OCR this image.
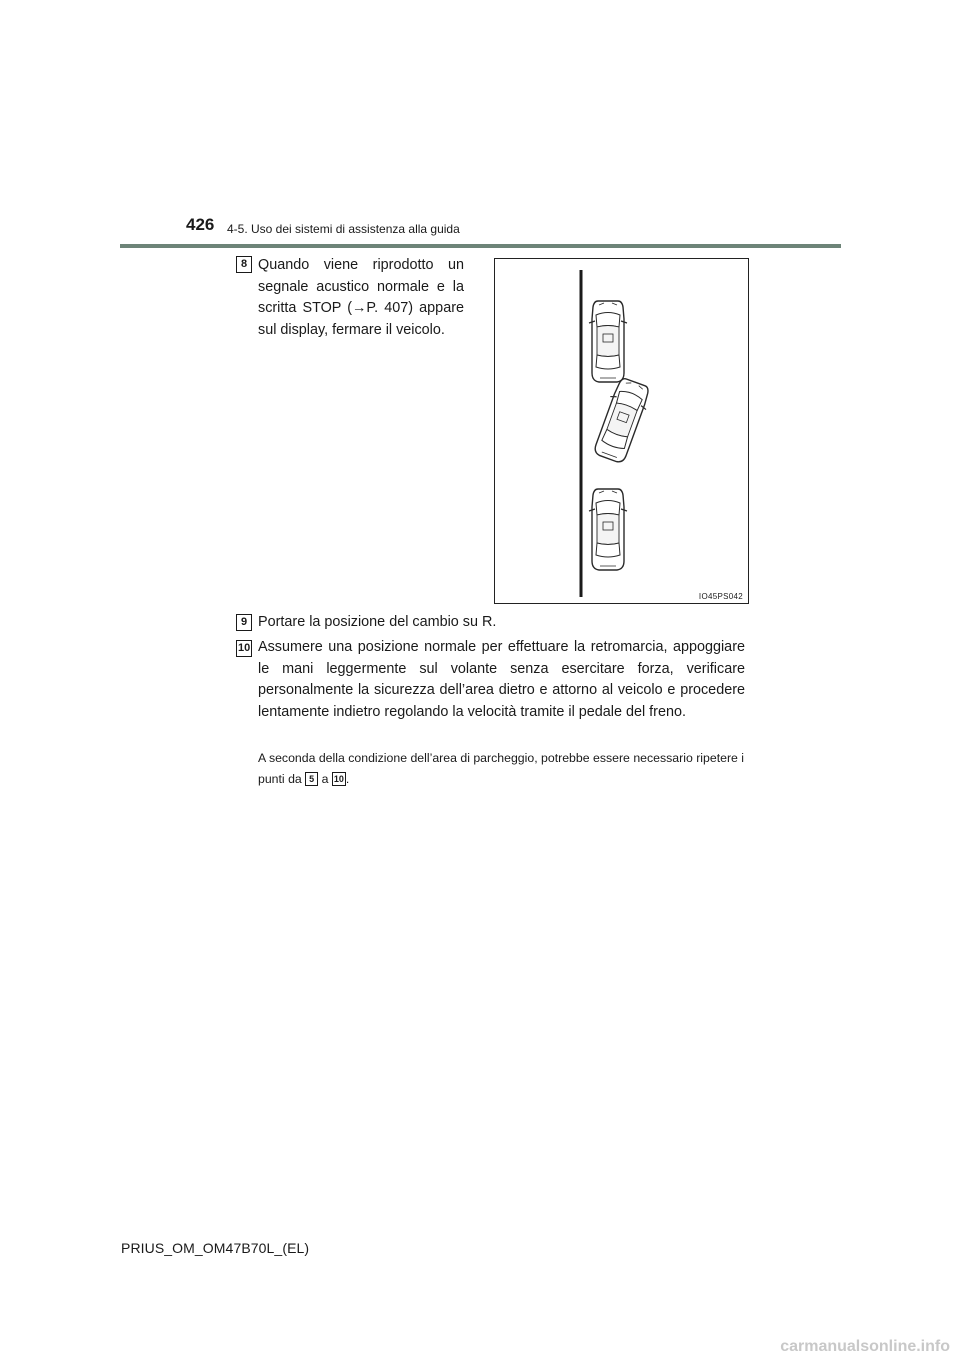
426 4-5. Uso dei sistemi di assistenza alla guida
8 Quando viene riprodotto un segnale acustico normale e la scritta STOP (→P. 407) appare sul display, fermare il veicolo.
IO45PS042
9 Portare la posizione del cambio su R.
10 Assumere una posizione normale per effettuare la retromarcia, appoggiare le mani leggermente sul volante senza esercitare forza, verificare personalmente la sicurezza dell’area dietro e attorno al veicolo e procedere lentamente indietro regolando la velocità tramite il pedale del freno.
A seconda della condizione dell’area di parcheggio, potrebbe essere necessario ripetere i punti da 5 a 10 .
PRIUS_OM_OM47B70L_(EL)
carmanualsonline.info
